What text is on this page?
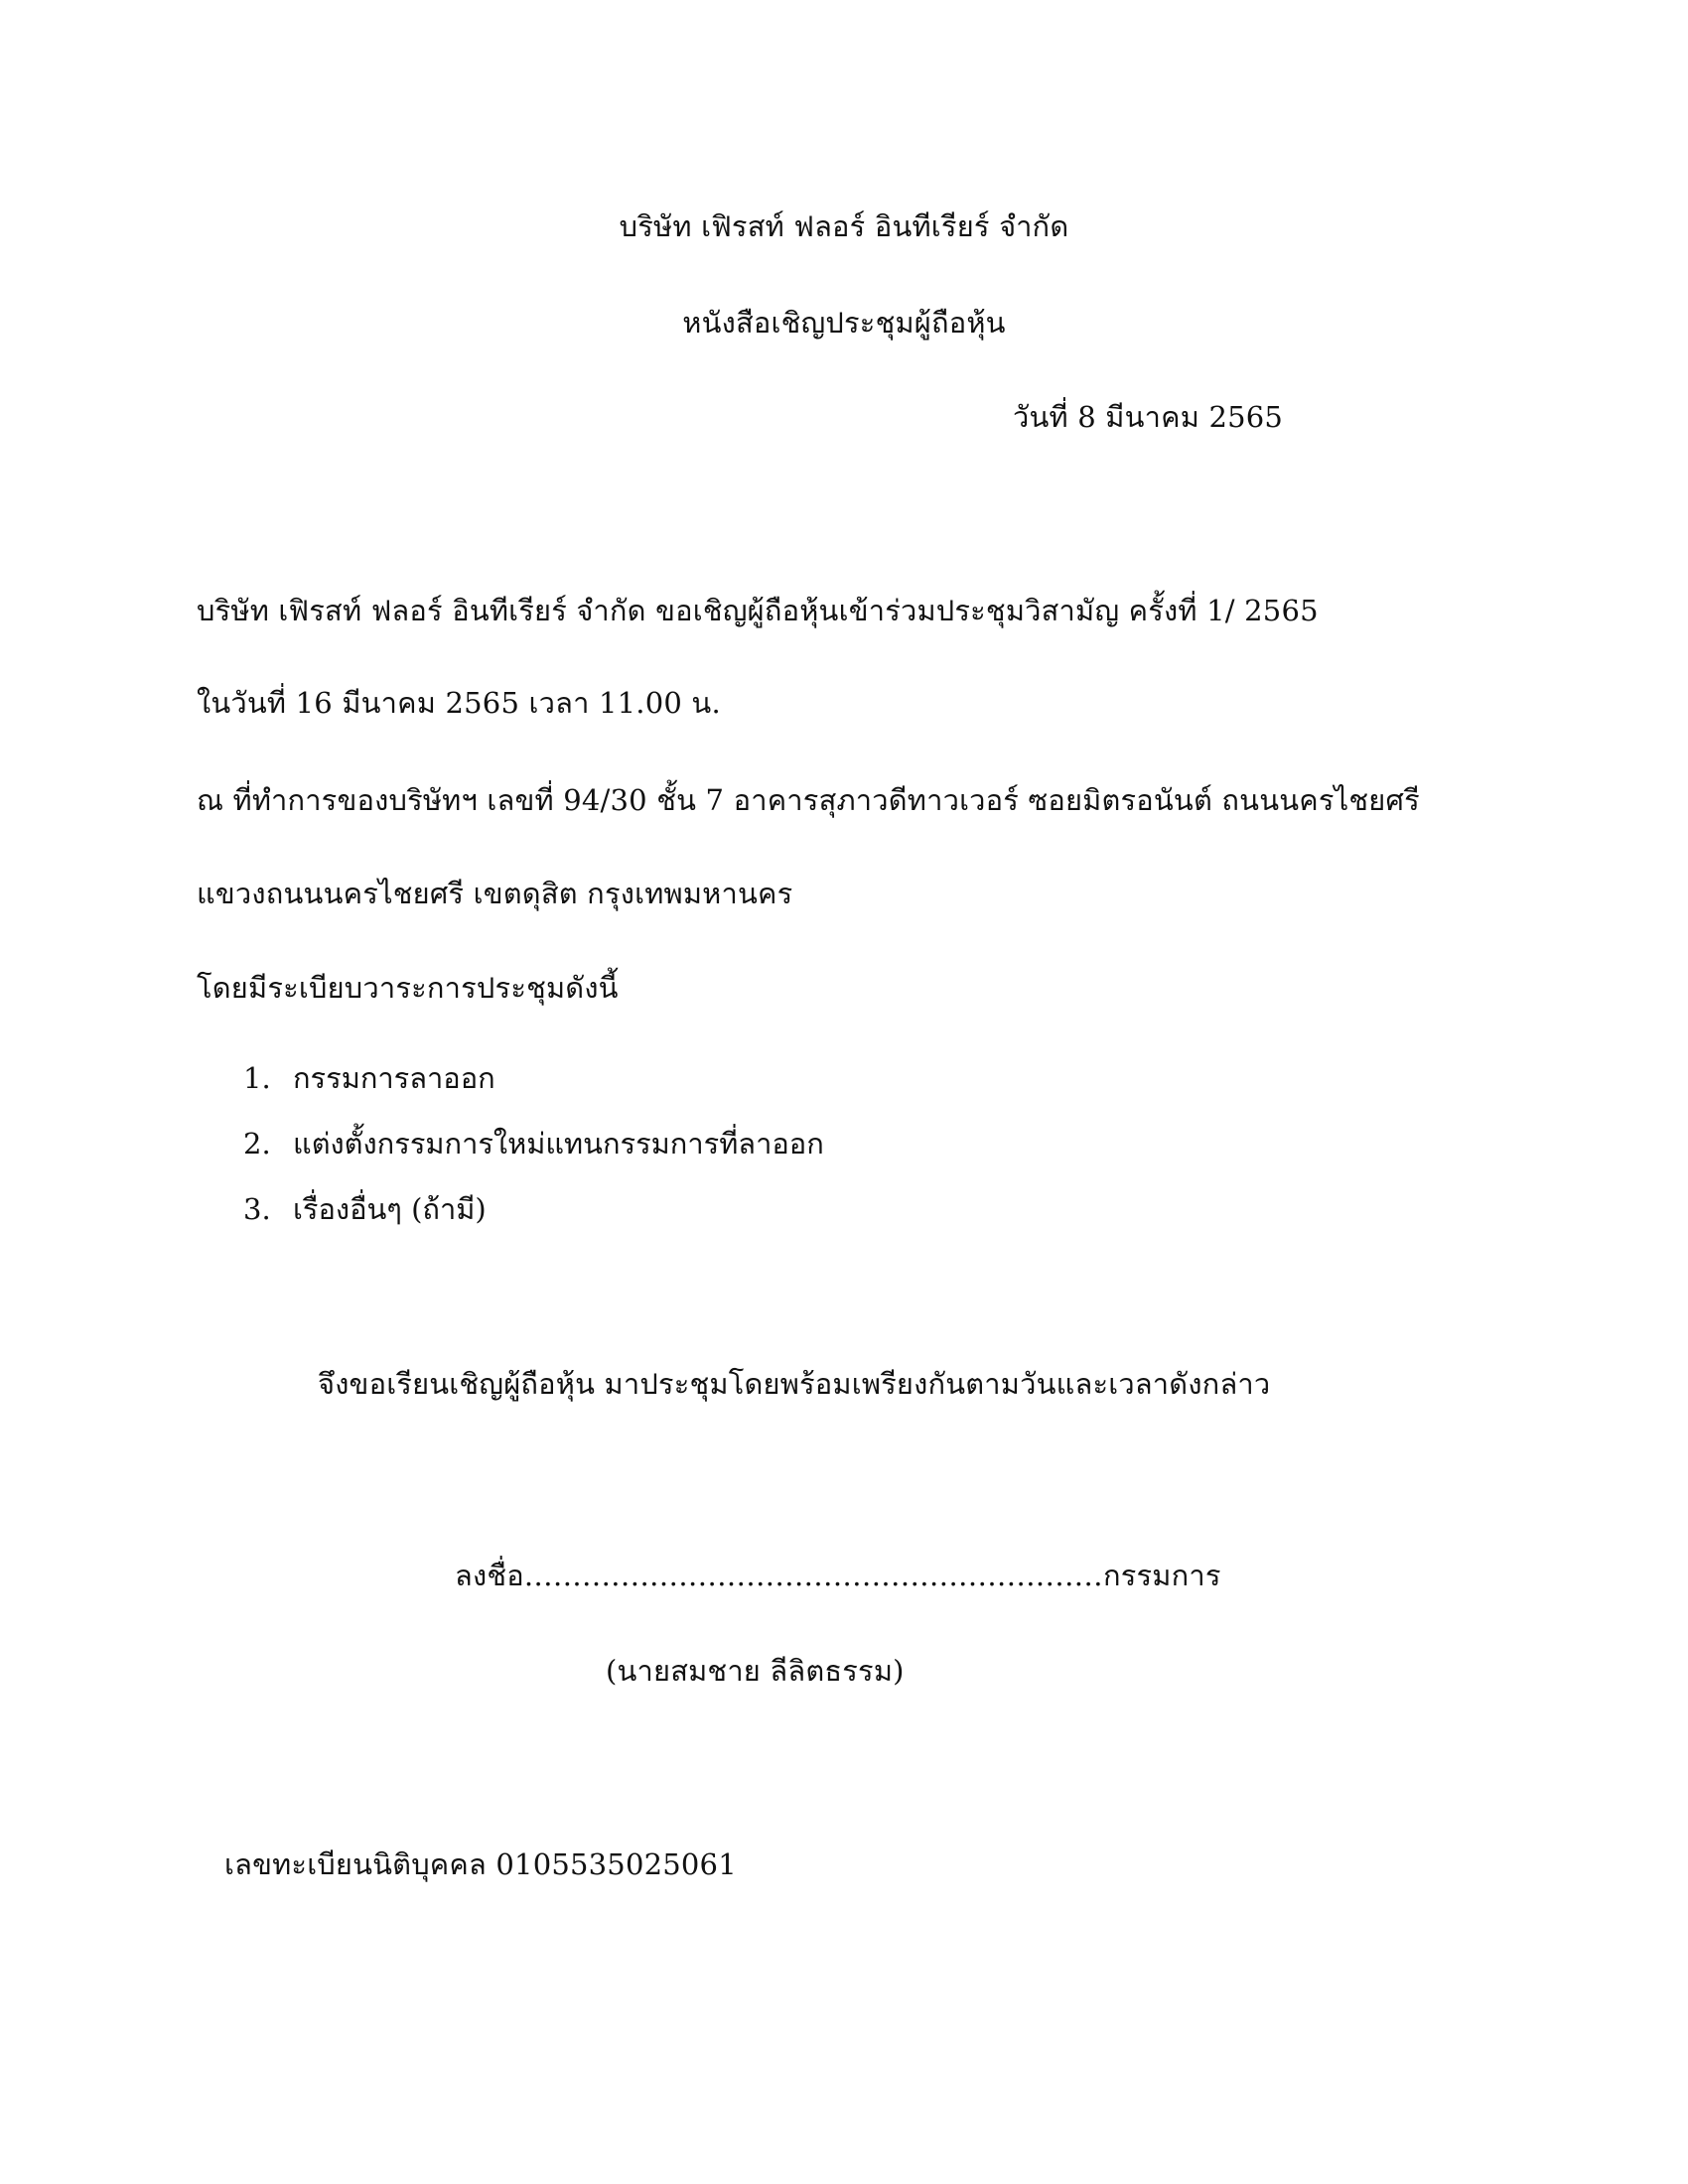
บริษัท เฟิรสท์ ฟลอร์ อินทีเรียร์ จำกัด
หนังสือเชิญประชุมผู้ถือหุ้น
วันที่ 8 มีนาคม 2565
บริษัท เฟิรสท์ ฟลอร์ อินทีเรียร์ จำกัด ขอเชิญผู้ถือหุ้นเข้าร่วมประชุมวิสามัญ ครั้งที่ 1/ 2565
ในวันที่ 16 มีนาคม 2565 เวลา 11.00 น.
ณ ที่ทำการของบริษัทฯ เลขที่ 94/30 ชั้น 7 อาคารสุภาวดีทาวเวอร์ ซอยมิตรอนันต์ ถนนนครไชยศรี
แขวงถนนนครไชยศรี เขตดุสิต กรุงเทพมหานคร
โดยมีระเบียบวาระการประชุมดังนี้
1. กรรมการลาออก
2. แต่งตั้งกรรมการใหม่แทนกรรมการที่ลาออก
3. เรื่องอื่นๆ (ถ้ามี)
จึงขอเรียนเชิญผู้ถือหุ้น มาประชุมโดยพร้อมเพรียงกันตามวันและเวลาดังกล่าว
ลงชื่อ............................................................กรรมการ
(นายสมชาย ลีลิตธรรม)
เลขทะเบียนนิติบุคคล 0105535025061
